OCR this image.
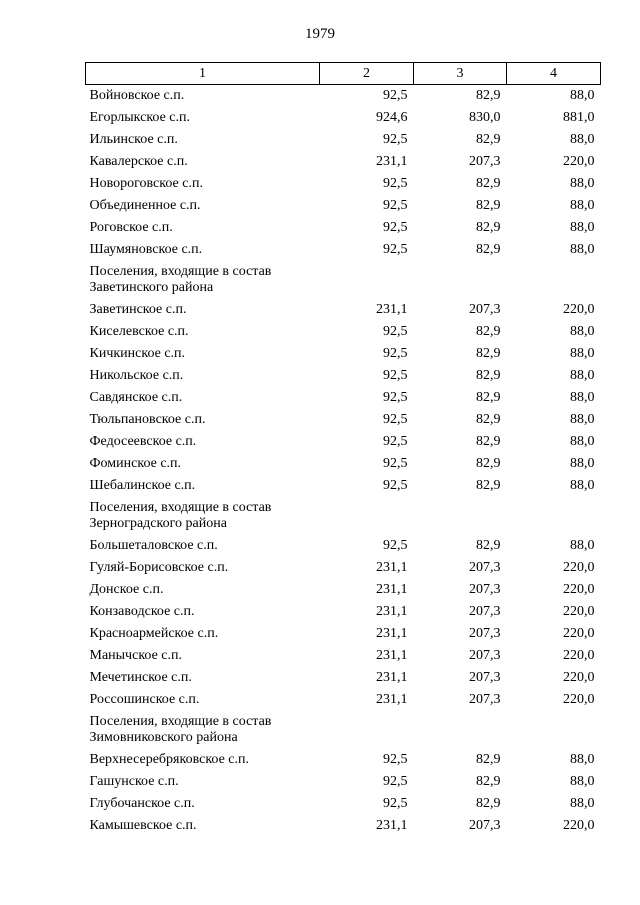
1979
1	2	3	4
Войновское с.п.	92,5	82,9	88,0
Егорлыкское с.п.	924,6	830,0	881,0
Ильинское с.п.	92,5	82,9	88,0
Кавалерское с.п.	231,1	207,3	220,0
Новороговское с.п.	92,5	82,9	88,0
Объединенное с.п.	92,5	82,9	88,0
Роговское с.п.	92,5	82,9	88,0
Шаумяновское с.п.	92,5	82,9	88,0
Поселения, входящие в состав Заветинского района			
Заветинское с.п.	231,1	207,3	220,0
Киселевское с.п.	92,5	82,9	88,0
Кичкинское с.п.	92,5	82,9	88,0
Никольское с.п.	92,5	82,9	88,0
Савдянское с.п.	92,5	82,9	88,0
Тюльпановское с.п.	92,5	82,9	88,0
Федосеевское с.п.	92,5	82,9	88,0
Фоминское с.п.	92,5	82,9	88,0
Шебалинское с.п.	92,5	82,9	88,0
Поселения, входящие в состав Зерноградского района			
Большеталовское с.п.	92,5	82,9	88,0
Гуляй-Борисовское с.п.	231,1	207,3	220,0
Донское с.п.	231,1	207,3	220,0
Конзаводское с.п.	231,1	207,3	220,0
Красноармейское с.п.	231,1	207,3	220,0
Манычское с.п.	231,1	207,3	220,0
Мечетинское с.п.	231,1	207,3	220,0
Россошинское с.п.	231,1	207,3	220,0
Поселения, входящие в состав Зимовниковского района			
Верхнесеребряковское с.п.	92,5	82,9	88,0
Гашунское с.п.	92,5	82,9	88,0
Глубочанское с.п.	92,5	82,9	88,0
Камышевское с.п.	231,1	207,3	220,0
